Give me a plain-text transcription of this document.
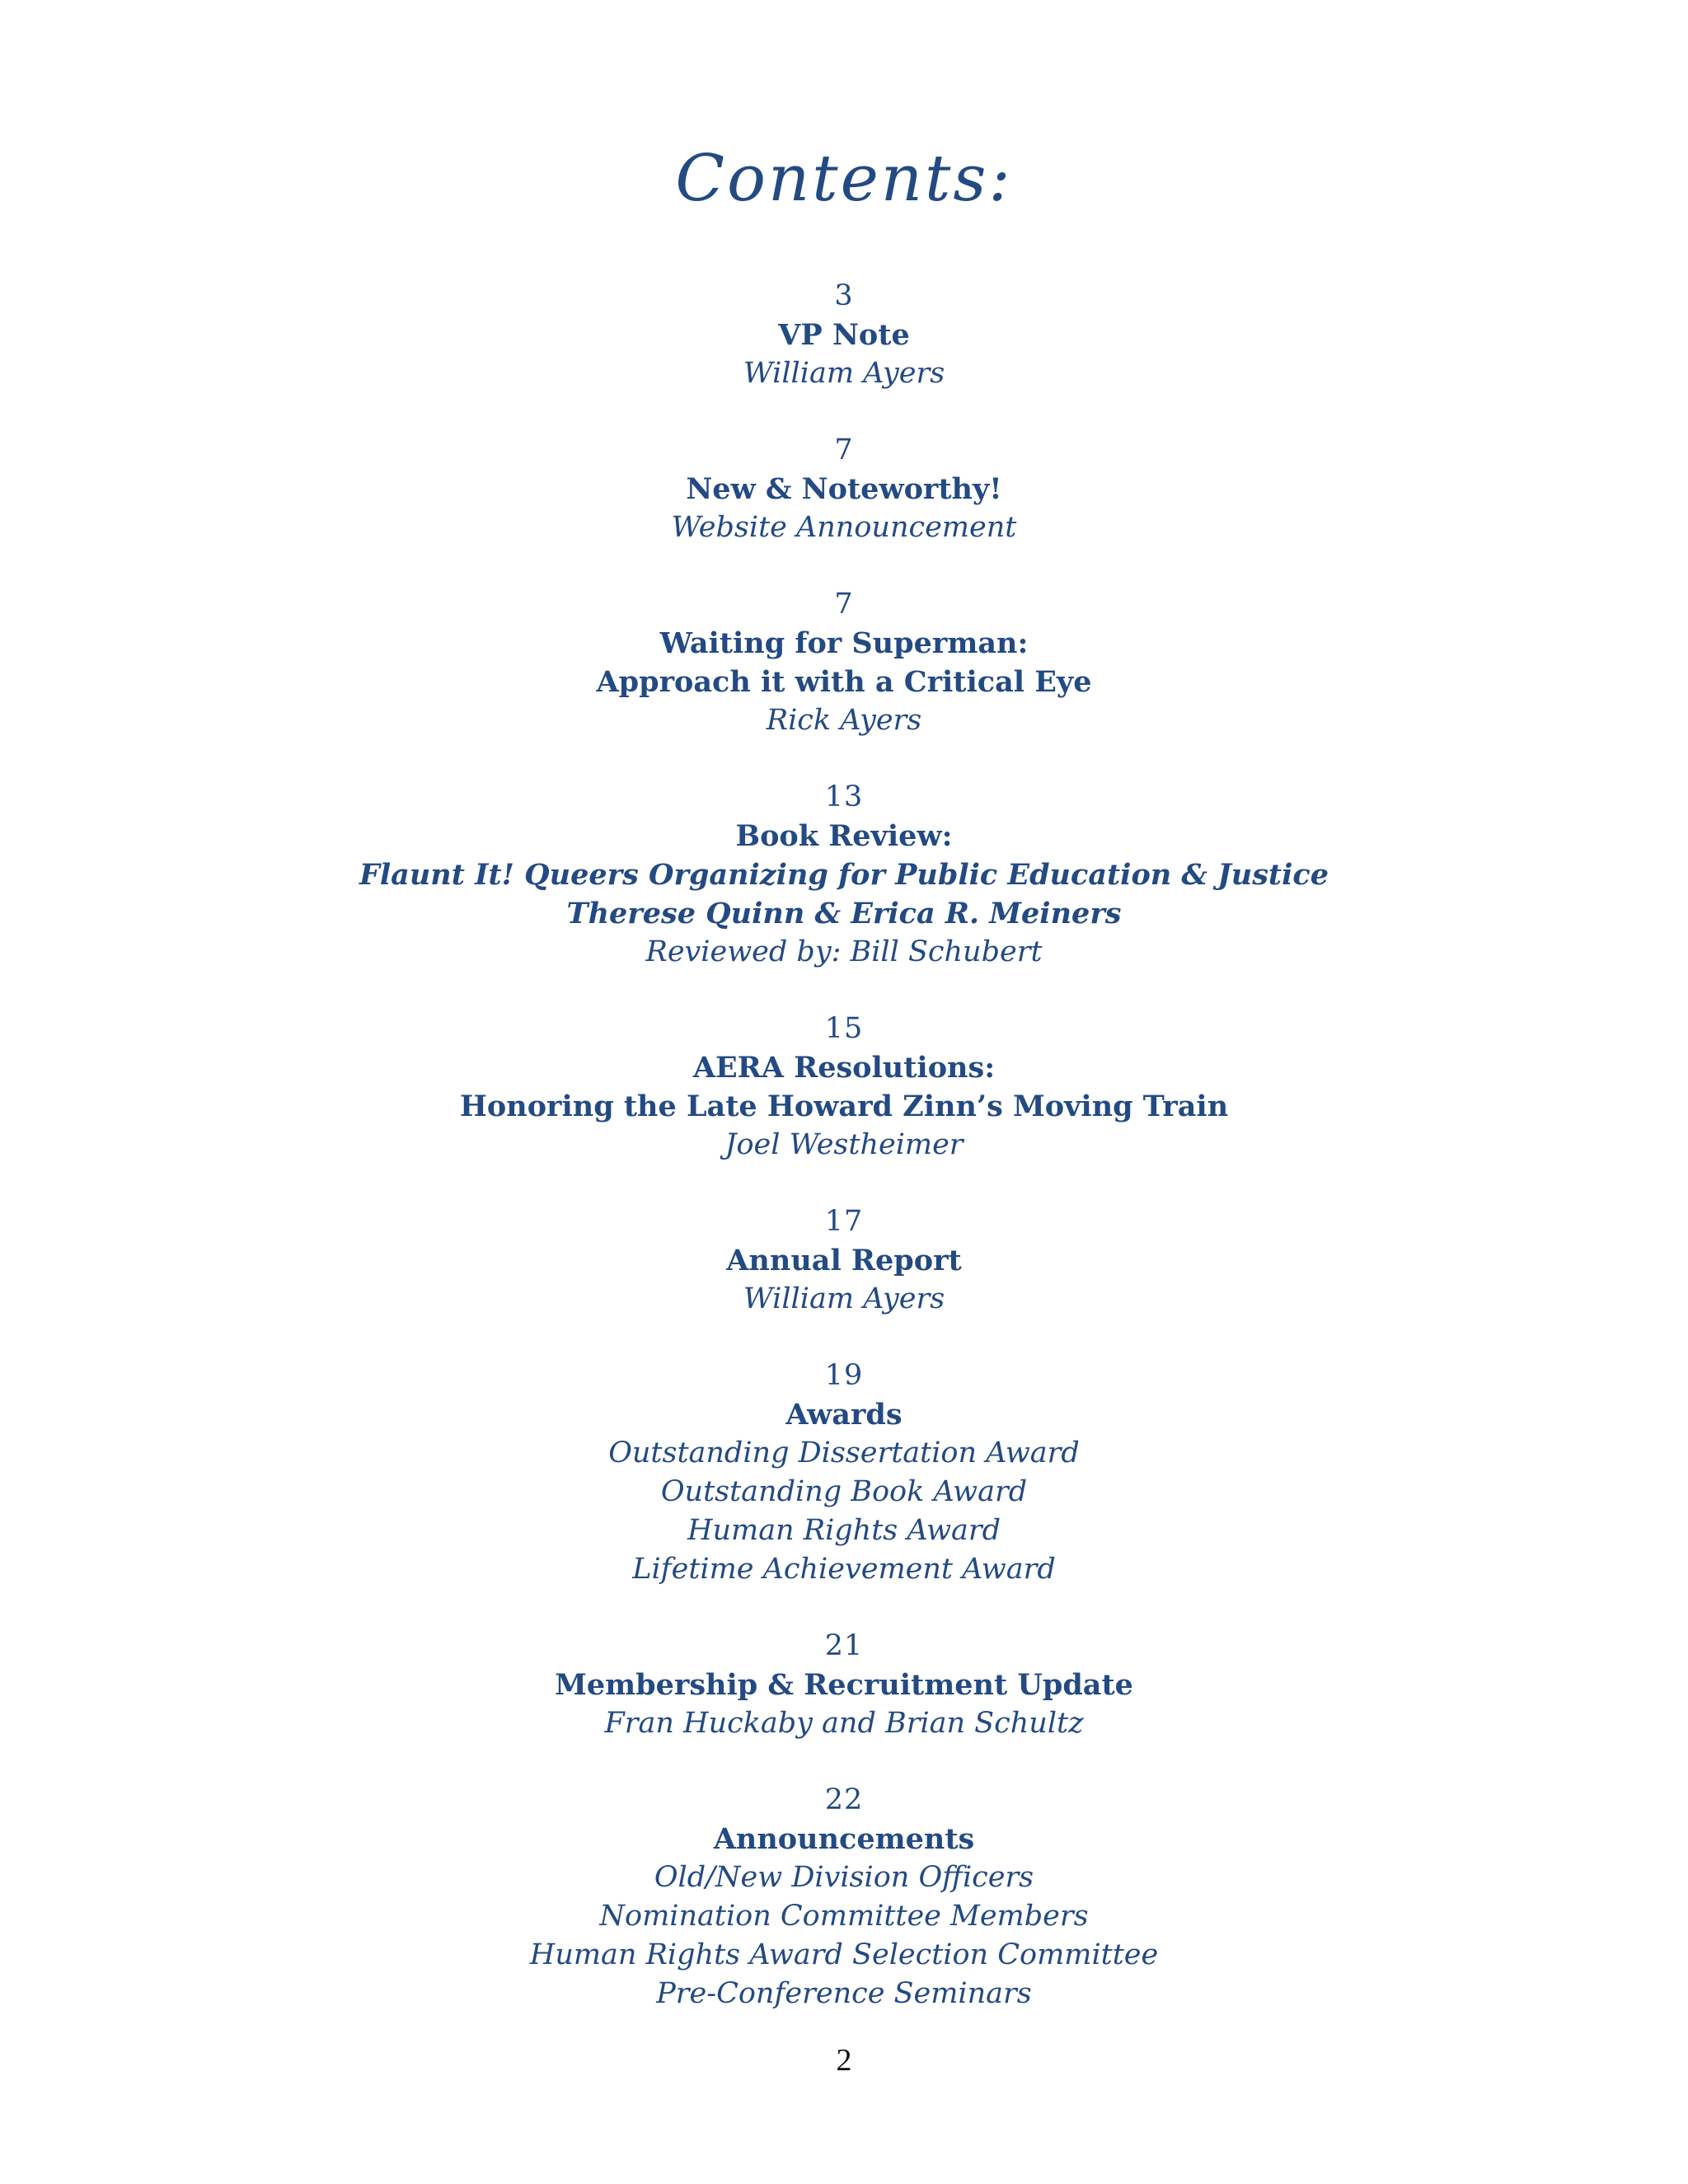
Contents:
3
VP Note
William Ayers
7
New & Noteworthy!
Website Announcement
7
Waiting for Superman:
Approach it with a Critical Eye
Rick Ayers
13
Book Review:
Flaunt It! Queers Organizing for Public Education & Justice
Therese Quinn & Erica R. Meiners
Reviewed by: Bill Schubert
15
AERA Resolutions:
Honoring the Late Howard Zinn’s Moving Train
Joel Westheimer
17
Annual Report
William Ayers
19
Awards
Outstanding Dissertation Award
Outstanding Book Award
Human Rights Award
Lifetime Achievement Award
21
Membership & Recruitment Update
Fran Huckaby and Brian Schultz
22
Announcements
Old/New Division Officers
Nomination Committee Members
Human Rights Award Selection Committee
Pre-Conference Seminars
2
